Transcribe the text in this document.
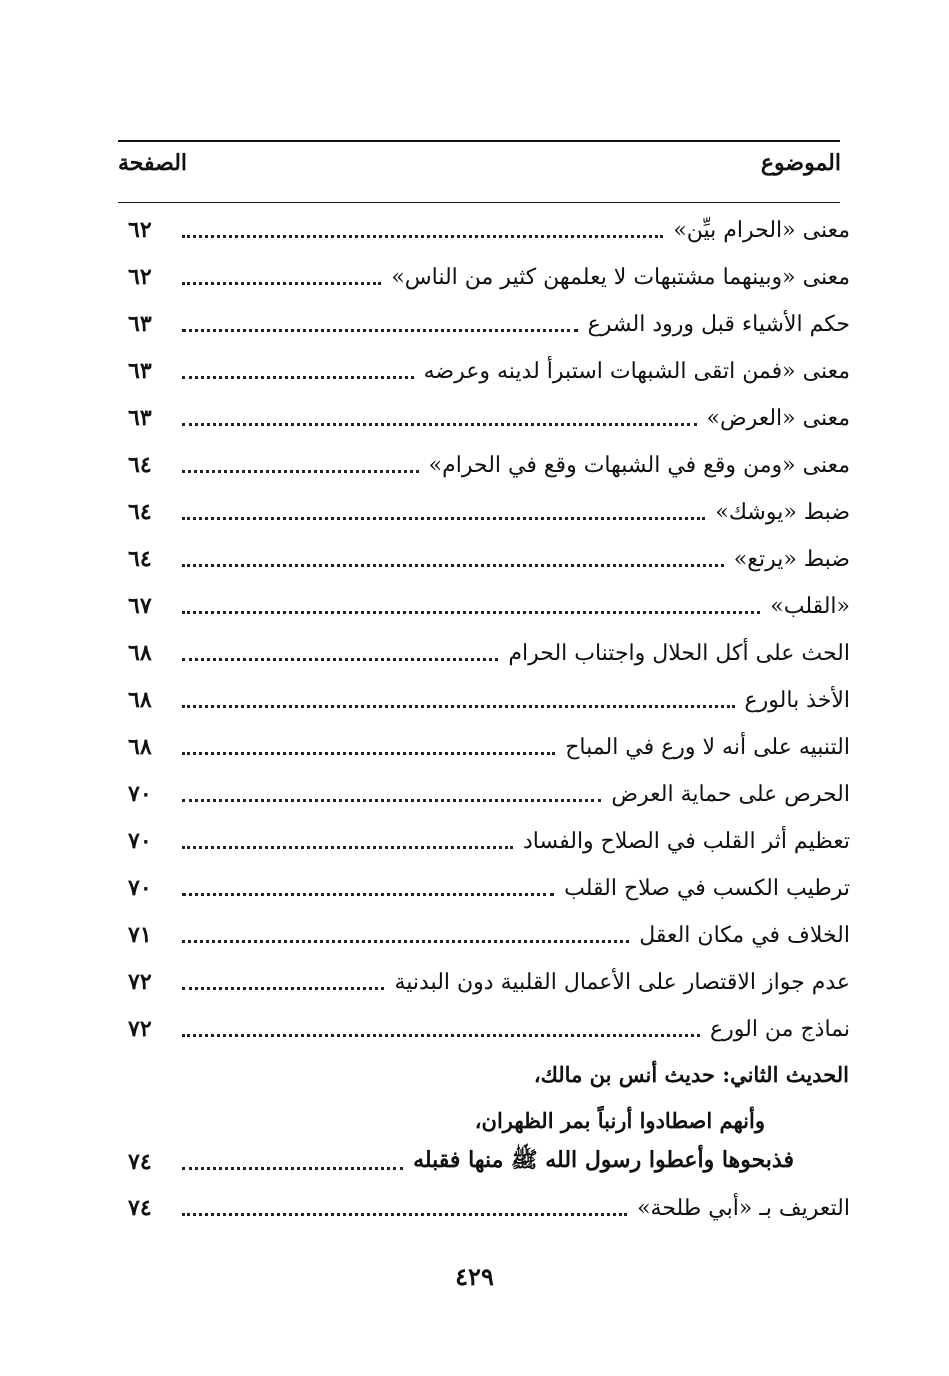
الموضوع
الصفحة
معنى «الحرام بيِّن»
٦٢
معنى «وبينهما مشتبهات لا يعلمهن كثير من الناس»
٦٢
حكم الأشياء قبل ورود الشرع
٦٣
معنى «فمن اتقى الشبهات استبرأ لدينه وعرضه
٦٣
معنى «العرض»
٦٣
معنى «ومن وقع في الشبهات وقع في الحرام»
٦٤
ضبط «يوشك»
٦٤
ضبط «يرتع»
٦٤
«القلب»
٦٧
الحث على أكل الحلال واجتناب الحرام
٦٨
الأخذ بالورع
٦٨
التنبيه على أنه لا ورع في المباح
٦٨
الحرص على حماية العرض
٧٠
تعظيم أثر القلب في الصلاح والفساد
٧٠
ترطيب الكسب في صلاح القلب
٧٠
الخلاف في مكان العقل
٧١
عدم جواز الاقتصار على الأعمال القلبية دون البدنية
٧٢
نماذج من الورع
٧٢
الحديث الثاني: حديث أنس بن مالك،
وأنهم اصطادوا أرنباً بمر الظهران،
فذبحوها وأعطوا رسول الله ﷺ منها فقبله
٧٤
التعريف بـ «أبي طلحة»
٧٤
٤٢٩
